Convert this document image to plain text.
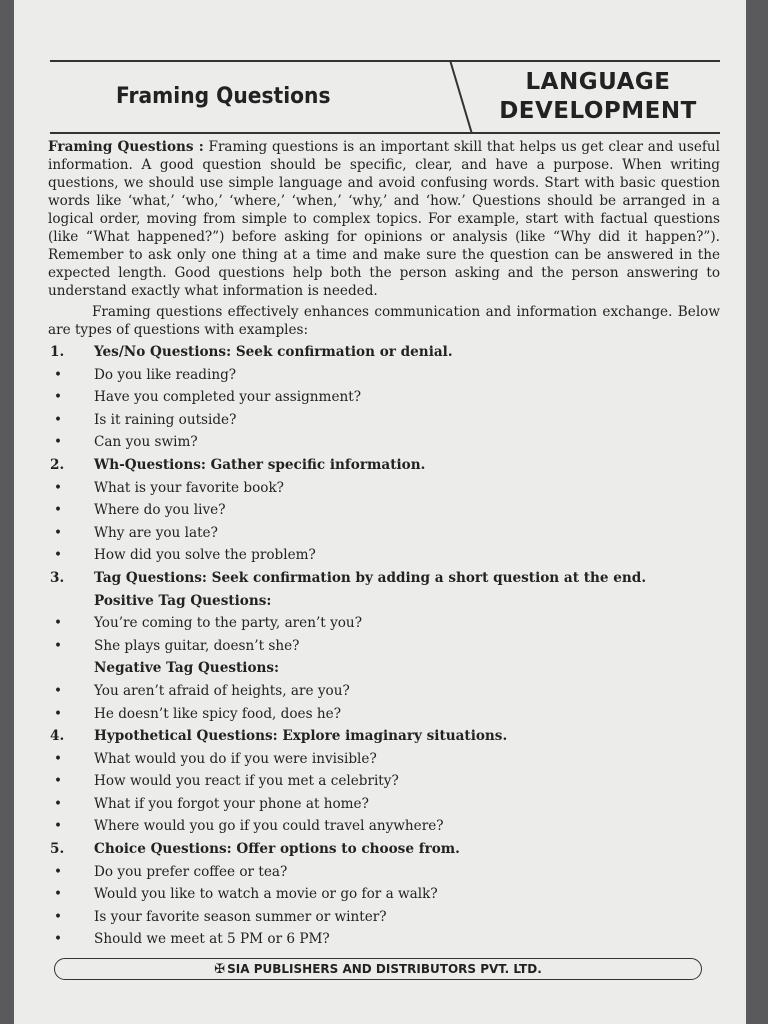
Framing Questions
LANGUAGE
DEVELOPMENT

Framing Questions : Framing questions is an important skill that helps us get clear and useful information. A good question should be specific, clear, and have a purpose. When writing questions, we should use simple language and avoid confusing words. Start with basic question words like ‘what,’ ‘who,’ ‘where,’ ‘when,’ ‘why,’ and ‘how.’ Questions should be arranged in a logical order, moving from simple to complex topics. For example, start with factual questions (like “What happened?”) before asking for opinions or analysis (like “Why did it happen?”). Remember to ask only one thing at a time and make sure the question can be answered in the expected length. Good questions help both the person asking and the person answering to understand exactly what information is needed.

Framing questions effectively enhances communication and information exchange. Below are types of questions with examples:

1. Yes/No Questions: Seek confirmation or denial.
• Do you like reading?
• Have you completed your assignment?
• Is it raining outside?
• Can you swim?
2. Wh-Questions: Gather specific information.
• What is your favorite book?
• Where do you live?
• Why are you late?
• How did you solve the problem?
3. Tag Questions: Seek confirmation by adding a short question at the end.
Positive Tag Questions:
• You’re coming to the party, aren’t you?
• She plays guitar, doesn’t she?
Negative Tag Questions:
• You aren’t afraid of heights, are you?
• He doesn’t like spicy food, does he?
4. Hypothetical Questions: Explore imaginary situations.
• What would you do if you were invisible?
• How would you react if you met a celebrity?
• What if you forgot your phone at home?
• Where would you go if you could travel anywhere?
5. Choice Questions: Offer options to choose from.
• Do you prefer coffee or tea?
• Would you like to watch a movie or go for a walk?
• Is your favorite season summer or winter?
• Should we meet at 5 PM or 6 PM?
✠ SIA PUBLISHERS AND DISTRIBUTORS PVT. LTD.
